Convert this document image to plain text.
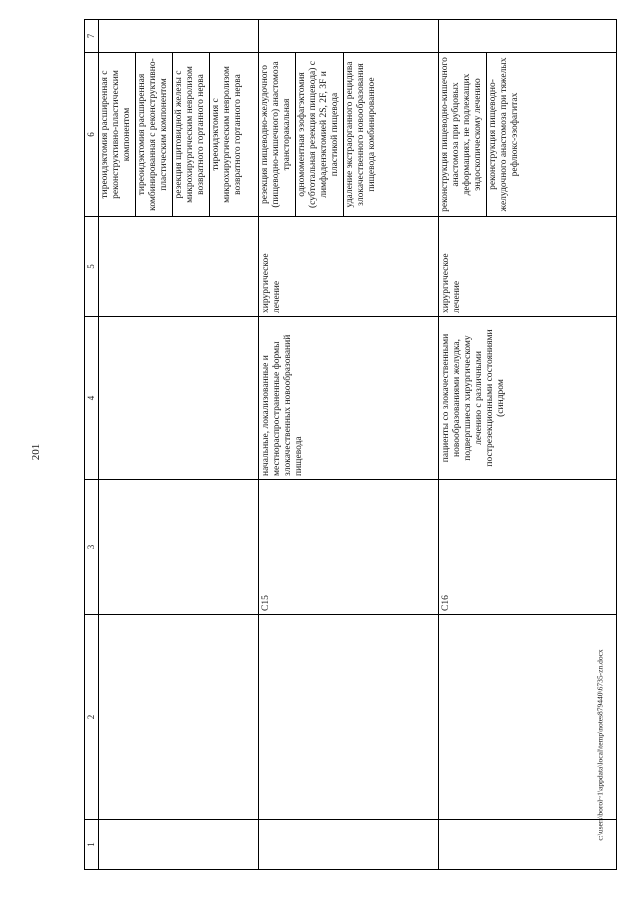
201
c:\users\borol~1\appdata\local\temp\notes879440\6735-zn.docx
1	2	3	4	5	6	7

					тиреоидэктомия расширенная с реконструктивно-пластическим компонентом тиреоидэктомия расширенная комбинированная с реконструктивно-пластическим компонентом резекция щитовидной железы с микрохирургическим невролизом возвратного гортанного нерва тиреоидэктомия с микрохирургическим невролизом возвратного гортанного нерва	

		C15	начальные, локализованные и местнораспространенные формы злокачественных новообразований пищевода	хирургическое лечение	резекция пищеводно-желудочного (пищеводно-кишечного) анастомоза трансторакальная одномоментная эзофагэктомия (субтотальная резекция пищевода) с лимфаденэктомией 2S, 2F, 3F и пластикой пищевода удаление экстраорганного рецидива злокачественного новообразования пищевода комбинированное	

		C16	пациенты со злокачественными новообразованиями желудка, подвергшиеся хирургическому лечению с различными пострезекционными состояниями (синдром	хирургическое лечение	реконструкция пищеводно-кишечного анастомоза при рубцовых деформациях, не подлежащих эндоскопическому лечению реконструкция пищеводно-желудочного анастомоза при тяжелых рефлюкс-эзофагитах	
